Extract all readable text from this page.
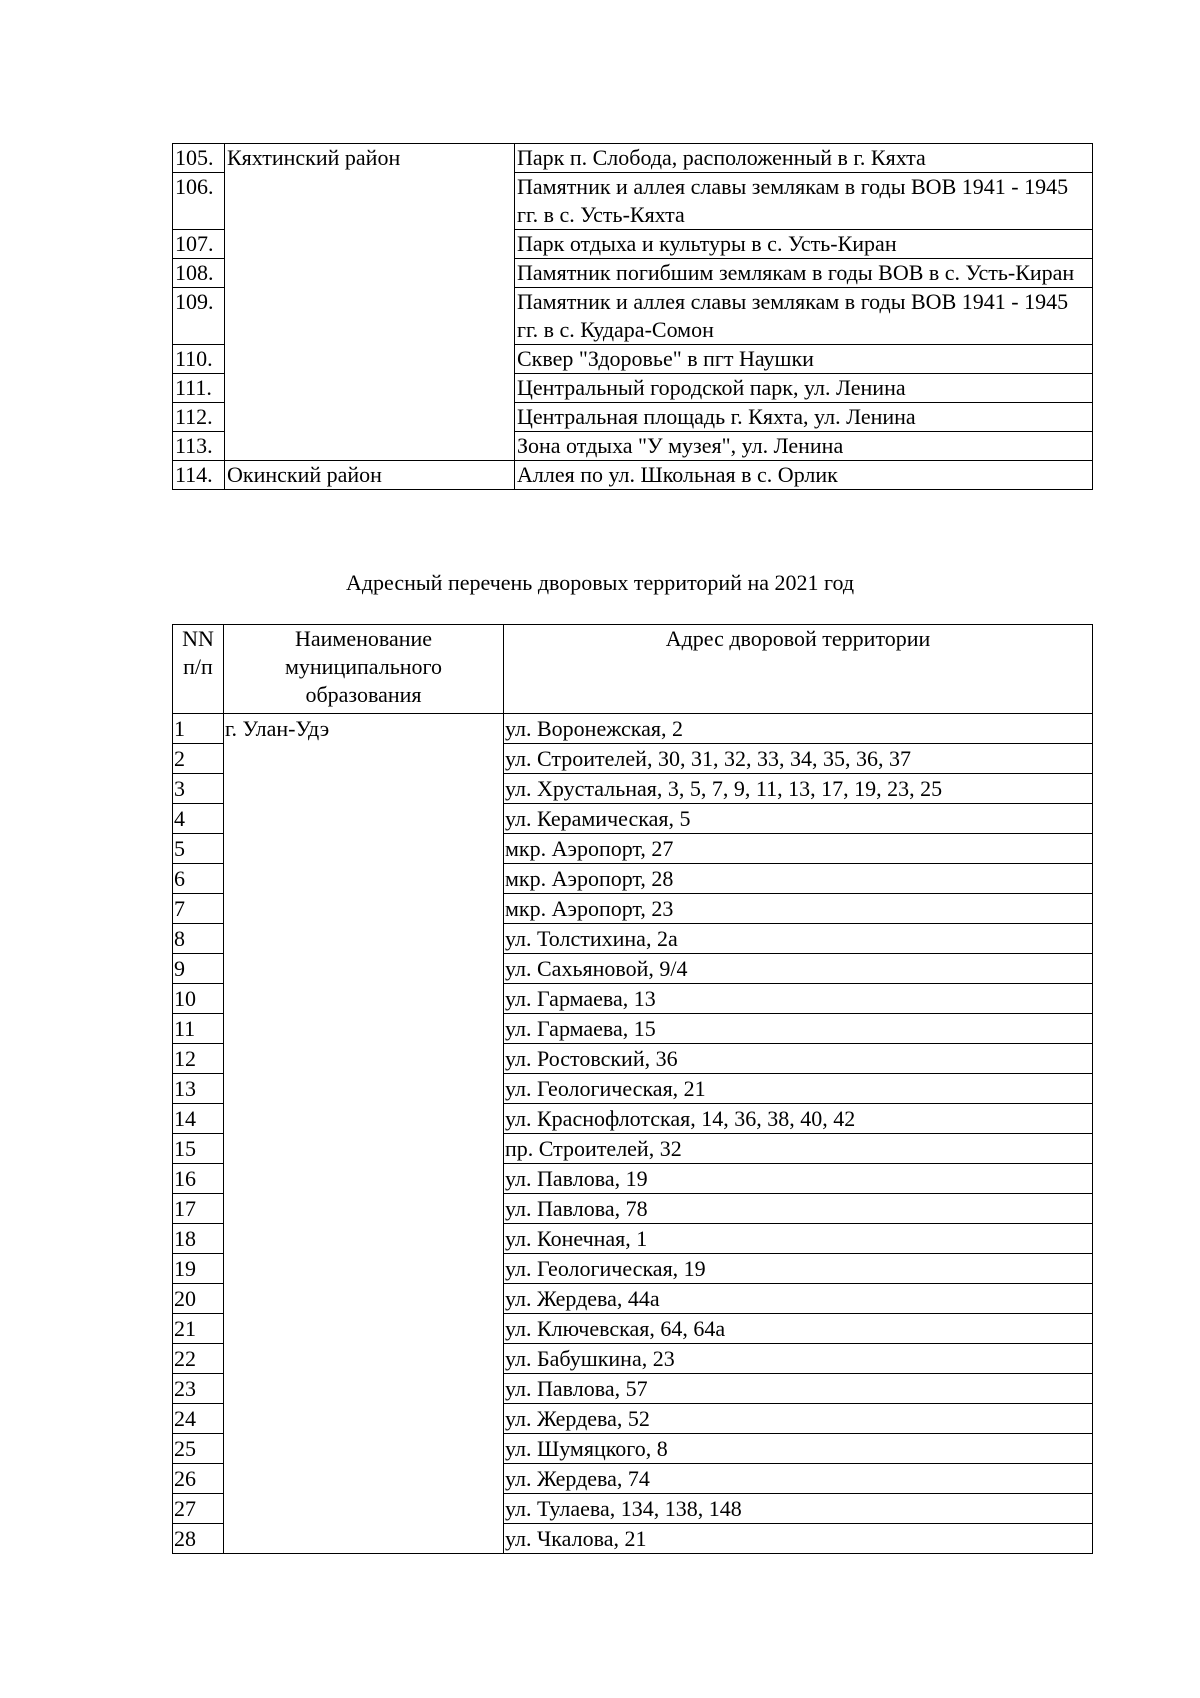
105.	Кяхтинский район	Парк п. Слобода, расположенный в г. Кяхта
106.		Памятник и аллея славы землякам в годы ВОВ 1941 - 1945 гг. в с. Усть-Кяхта
107.		Парк отдыха и культуры в с. Усть-Киран
108.		Памятник погибшим землякам в годы ВОВ в с. Усть-Киран
109.		Памятник и аллея славы землякам в годы ВОВ 1941 - 1945 гг. в с. Кудара-Сомон
110.		Сквер "Здоровье" в пгт Наушки
111.		Центральный городской парк, ул. Ленина
112.		Центральная площадь г. Кяхта, ул. Ленина
113.		Зона отдыха "У музея", ул. Ленина
114.	Окинский район	Аллея по ул. Школьная в с. Орлик
Адресный перечень дворовых территорий на 2021 год
NN п/п	Наименование муниципального образования	Адрес дворовой территории
1	г. Улан-Удэ	ул. Воронежская, 2
2		ул. Строителей, 30, 31, 32, 33, 34, 35, 36, 37
3		ул. Хрустальная, 3, 5, 7, 9, 11, 13, 17, 19, 23, 25
4		ул. Керамическая, 5
5		мкр. Аэропорт, 27
6		мкр. Аэропорт, 28
7		мкр. Аэропорт, 23
8		ул. Толстихина, 2а
9		ул. Сахьяновой, 9/4
10		ул. Гармаева, 13
11		ул. Гармаева, 15
12		ул. Ростовский, 36
13		ул. Геологическая, 21
14		ул. Краснофлотская, 14, 36, 38, 40, 42
15		пр. Строителей, 32
16		ул. Павлова, 19
17		ул. Павлова, 78
18		ул. Конечная, 1
19		ул. Геологическая, 19
20		ул. Жердева, 44а
21		ул. Ключевская, 64, 64а
22		ул. Бабушкина, 23
23		ул. Павлова, 57
24		ул. Жердева, 52
25		ул. Шумяцкого, 8
26		ул. Жердева, 74
27		ул. Тулаева, 134, 138, 148
28		ул. Чкалова, 21
